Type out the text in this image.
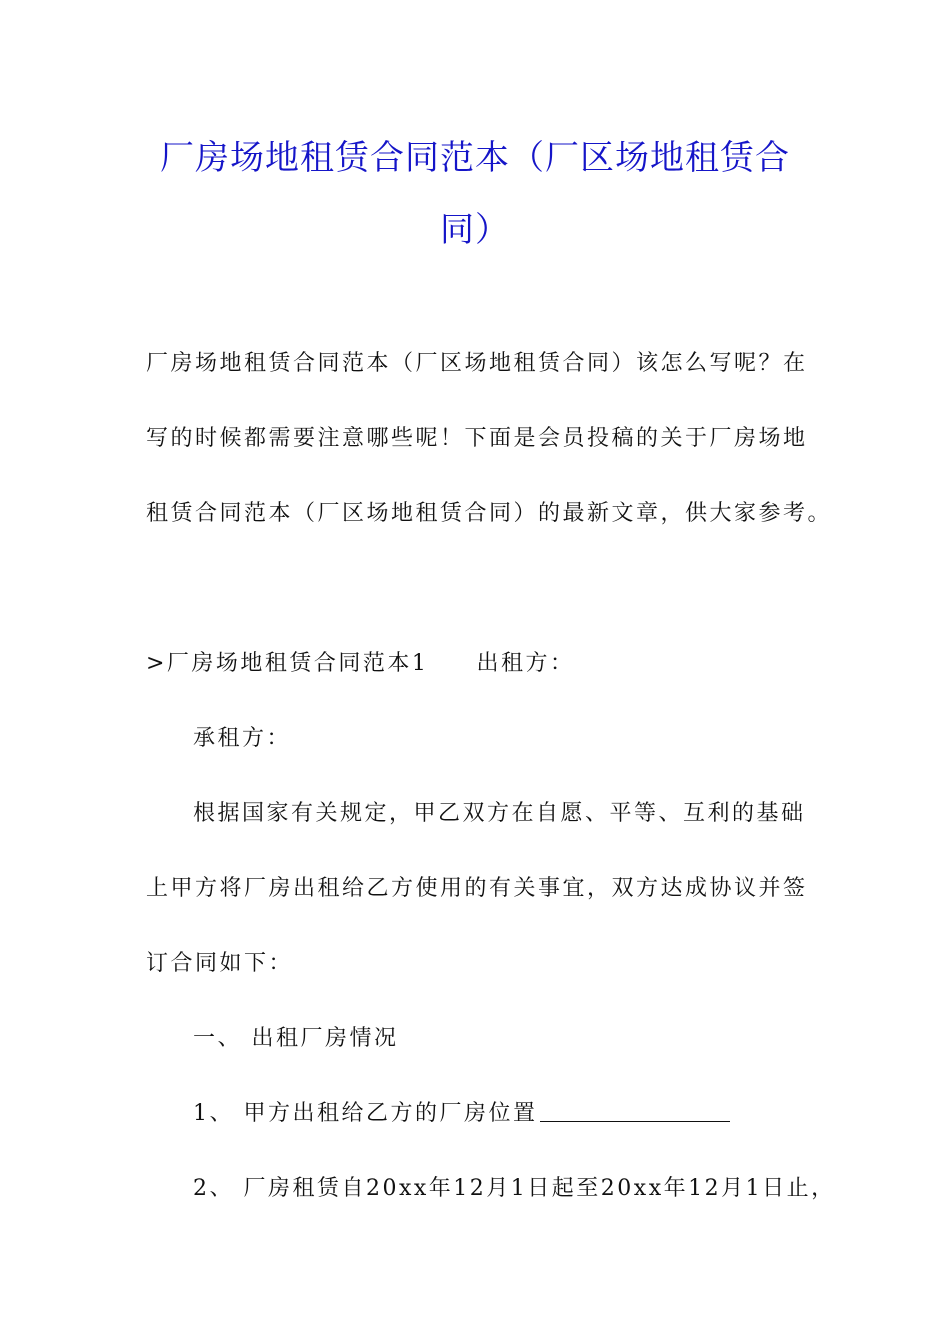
厂房场地租赁合同范本（厂区场地租赁合
同）
厂房场地租赁合同范本（厂区场地租赁合同）该怎么写呢？在
写的时候都需要注意哪些呢！下面是会员投稿的关于厂房场地
租赁合同范本（厂区场地租赁合同）的最新文章，供大家参考。
>厂房场地租赁合同范本1 出租方：
承租方：
根据国家有关规定，甲乙双方在自愿、平等、互利的基础
上甲方将厂房出租给乙方使用的有关事宜，双方达成协议并签
订合同如下：
一、 出租厂房情况
1、 甲方出租给乙方的厂房位置
2、 厂房租赁自20xx年12月1日起至20xx年12月1日止，
